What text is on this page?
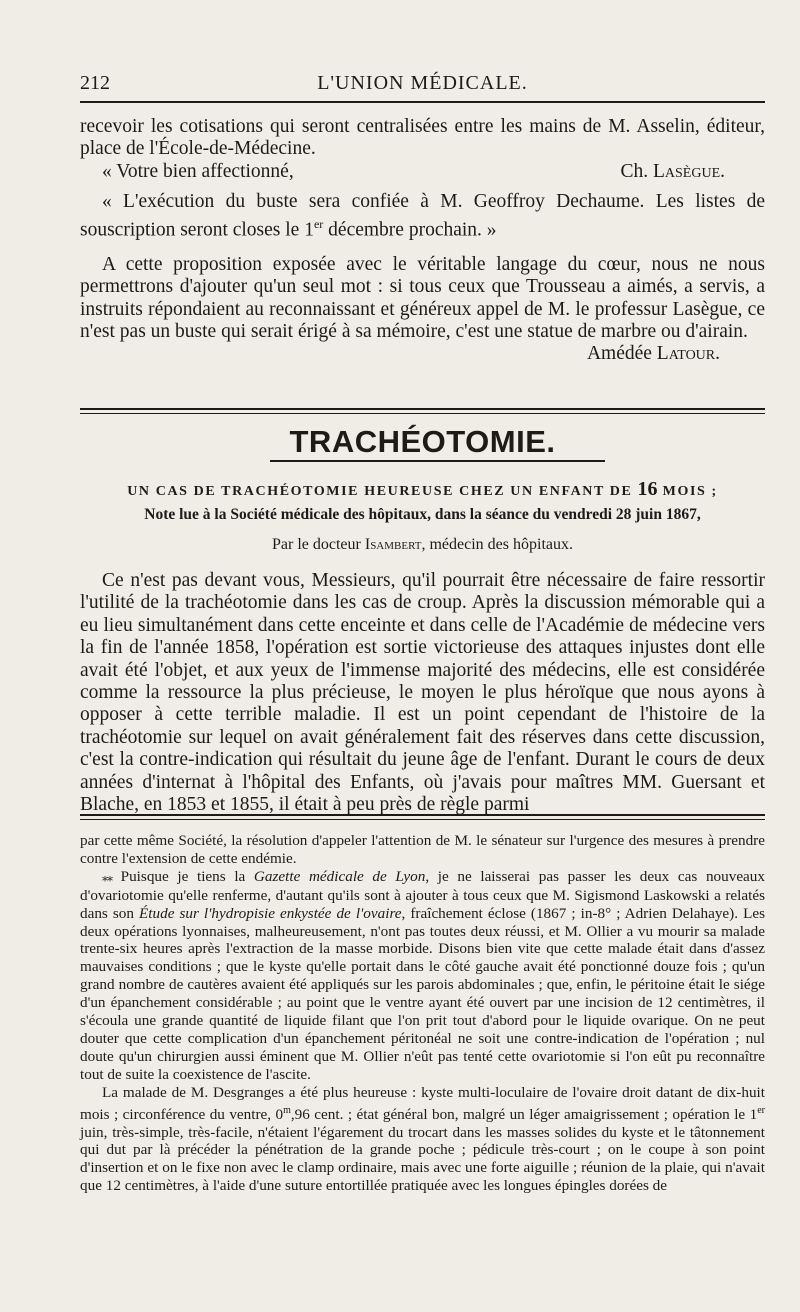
212	L'UNION MÉDICALE.

recevoir les cotisations qui seront centralisées entre les mains de M. Asselin, éditeur, place de l'École-de-Médecine.

« Votre bien affectionné,	Ch. Lasègue.

« L'exécution du buste sera confiée à M. Geoffroy Dechaume. Les listes de souscription seront closes le 1er décembre prochain. »

A cette proposition exposée avec le véritable langage du cœur, nous ne nous permettrons d'ajouter qu'un seul mot : si tous ceux que Trousseau a aimés, a servis, a instruits répondaient au reconnaissant et généreux appel de M. le professur Lasègue, ce n'est pas un buste qui serait érigé à sa mémoire, c'est une statue de marbre ou d'airain.

Amédée Latour.

TRACHÉOTOMIE.
UN CAS DE TRACHÉOTOMIE HEUREUSE CHEZ UN ENFANT DE 16 MOIS ;
Note lue à la Société médicale des hôpitaux, dans la séance du vendredi 28 juin 1867,
Par le docteur Isambert, médecin des hôpitaux.

Ce n'est pas devant vous, Messieurs, qu'il pourrait être nécessaire de faire ressortir l'utilité de la trachéotomie dans les cas de croup. Après la discussion mémorable qui a eu lieu simultanément dans cette enceinte et dans celle de l'Académie de médecine vers la fin de l'année 1858, l'opération est sortie victorieuse des attaques injustes dont elle avait été l'objet, et aux yeux de l'immense majorité des médecins, elle est considérée comme la ressource la plus précieuse, le moyen le plus héroïque que nous ayons à opposer à cette terrible maladie. Il est un point cependant de l'histoire de la trachéotomie sur lequel on avait généralement fait des réserves dans cette discussion, c'est la contre-indication qui résultait du jeune âge de l'enfant. Durant le cours de deux années d'internat à l'hôpital des Enfants, où j'avais pour maîtres MM. Guersant et Blache, en 1853 et 1855, il était à peu près de règle parmi

par cette même Société, la résolution d'appeler l'attention de M. le sénateur sur l'urgence des mesures à prendre contre l'extension de cette endémie.

⁎⁎ Puisque je tiens la Gazette médicale de Lyon, je ne laisserai pas passer les deux cas nouveaux d'ovariotomie qu'elle renferme, d'autant qu'ils sont à ajouter à tous ceux que M. Sigismond Laskowski a relatés dans son Étude sur l'hydropisie enkystée de l'ovaire, fraîchement éclose (1867 ; in-8° ; Adrien Delahaye). Les deux opérations lyonnaises, malheureusement, n'ont pas toutes deux réussi, et M. Ollier a vu mourir sa malade trente-six heures après l'extraction de la masse morbide. Disons bien vite que cette malade était dans d'assez mauvaises conditions ; que le kyste qu'elle portait dans le côté gauche avait été ponctionné douze fois ; qu'un grand nombre de cautères avaient été appliqués sur les parois abdominales ; que, enfin, le péritoine était le siége d'un épanchement considérable ; au point que le ventre ayant été ouvert par une incision de 12 centimètres, il s'écoula une grande quantité de liquide filant que l'on prit tout d'abord pour le liquide ovarique. On ne peut douter que cette complication d'un épanchement péritonéal ne soit une contre-indication de l'opération ; nul doute qu'un chirurgien aussi éminent que M. Ollier n'eût pas tenté cette ovariotomie si l'on eût pu reconnaître tout de suite la coexistence de l'ascite.

La malade de M. Desgranges a été plus heureuse : kyste multi-loculaire de l'ovaire droit datant de dix-huit mois ; circonférence du ventre, 0$^m$,96 cent. ; état général bon, malgré un léger amaigrissement ; opération le 1er juin, très-simple, très-facile, n'étaient l'égarement du trocart dans les masses solides du kyste et le tâtonnement qui dut par là précéder la pénétration de la grande poche ; pédicule très-court ; on le coupe à son point d'insertion et on le fixe non avec le clamp ordinaire, mais avec une forte aiguille ; réunion de la plaie, qui n'avait que 12 centimètres, à l'aide d'une suture entortillée pratiquée avec les longues épingles dorées de
